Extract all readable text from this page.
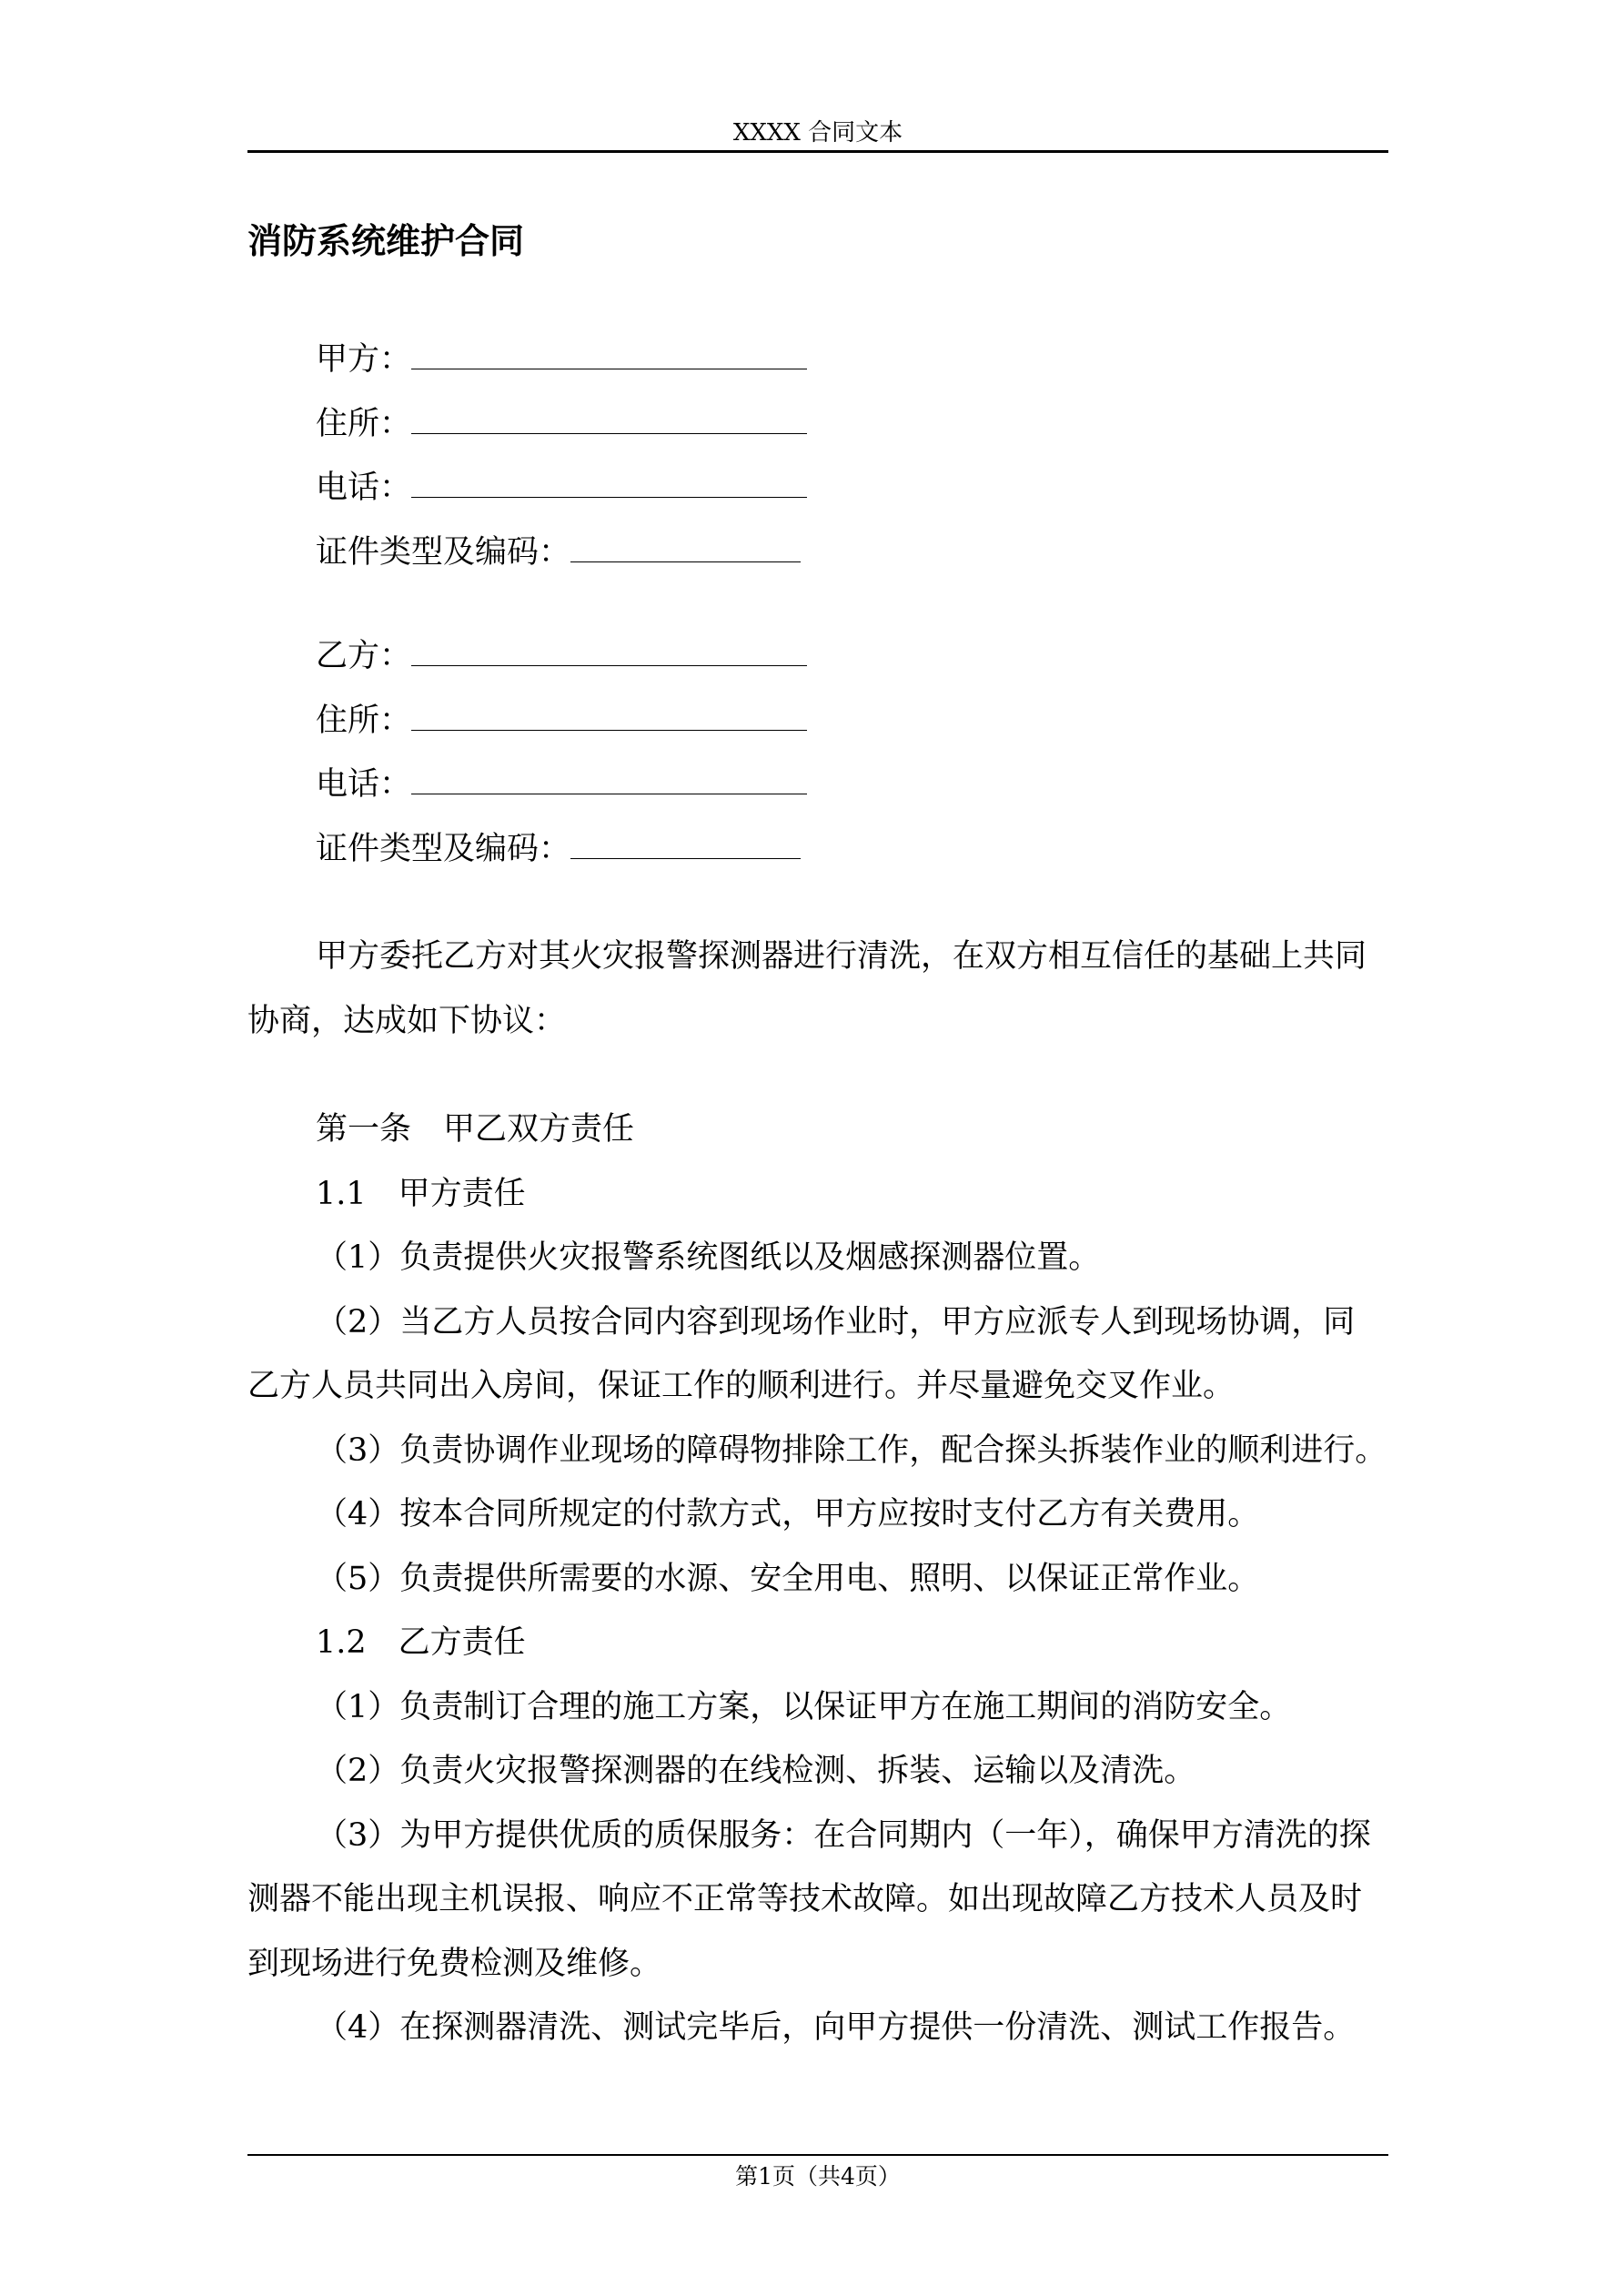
XXXX 合同文本
消防系统维护合同
甲方：
住所：
电话：
证件类型及编码：
乙方：
住所：
电话：
证件类型及编码：
甲方委托乙方对其火灾报警探测器进行清洗，在双方相互信任的基础上共同
协商，达成如下协议：
第一条　甲乙双方责任
1.1　甲方责任
（1）负责提供火灾报警系统图纸以及烟感探测器位置。
（2）当乙方人员按合同内容到现场作业时，甲方应派专人到现场协调，同
乙方人员共同出入房间，保证工作的顺利进行。并尽量避免交叉作业。
（3）负责协调作业现场的障碍物排除工作，配合探头拆装作业的顺利进行。
（4）按本合同所规定的付款方式，甲方应按时支付乙方有关费用。
（5）负责提供所需要的水源、安全用电、照明、以保证正常作业。
1.2　乙方责任
（1）负责制订合理的施工方案，以保证甲方在施工期间的消防安全。
（2）负责火灾报警探测器的在线检测、拆装、运输以及清洗。
（3）为甲方提供优质的质保服务：在合同期内（一年），确保甲方清洗的探
测器不能出现主机误报、响应不正常等技术故障。如出现故障乙方技术人员及时
到现场进行免费检测及维修。
（4）在探测器清洗、测试完毕后，向甲方提供一份清洗、测试工作报告。
第1页（共4页）
